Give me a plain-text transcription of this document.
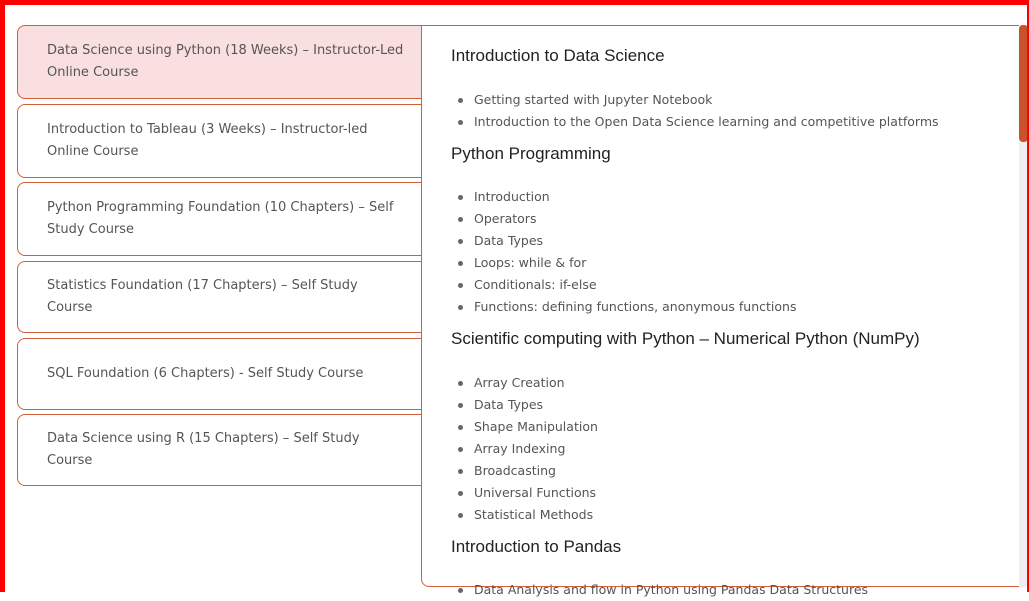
Data Science using Python (18 Weeks) – Instructor-Led Online Course
Introduction to Tableau (3 Weeks) – Instructor-led Online Course
Python Programming Foundation (10 Chapters) – Self Study Course
Statistics Foundation (17 Chapters) – Self Study Course
SQL Foundation (6 Chapters) - Self Study Course
Data Science using R (15 Chapters) – Self Study Course
Introduction to Data Science
Getting started with Jupyter Notebook
Introduction to the Open Data Science learning and competitive platforms
Python Programming
Introduction
Operators
Data Types
Loops: while & for
Conditionals: if-else
Functions: defining functions, anonymous functions
Scientific computing with Python – Numerical Python (NumPy)
Array Creation
Data Types
Shape Manipulation
Array Indexing
Broadcasting
Universal Functions
Statistical Methods
Introduction to Pandas
Data Analysis and flow in Python using Pandas Data Structures
